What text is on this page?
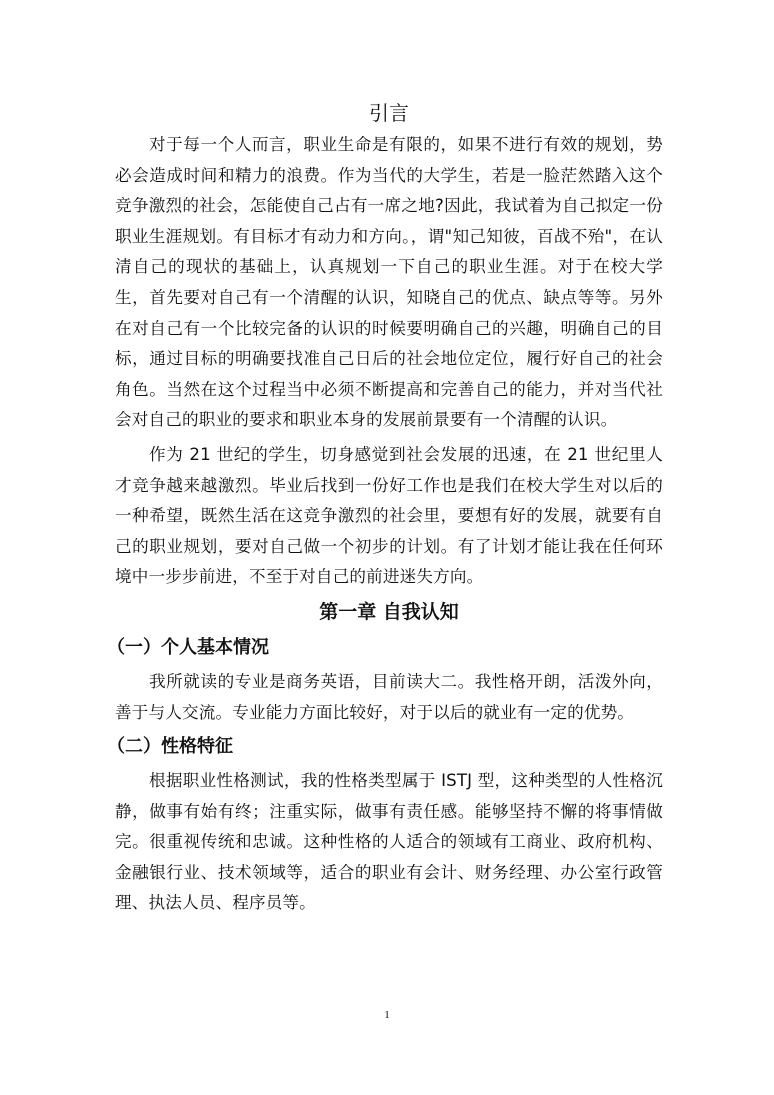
引言

对于每一个人而言，职业生命是有限的，如果不进行有效的规划，势必会造成时间和精力的浪费。作为当代的大学生，若是一脸茫然踏入这个竞争激烈的社会，怎能使自己占有一席之地?因此，我试着为自己拟定一份职业生涯规划。有目标才有动力和方向。，谓"知己知彼，百战不殆"，在认清自己的现状的基础上，认真规划一下自己的职业生涯。对于在校大学生，首先要对自己有一个清醒的认识，知晓自己的优点、缺点等等。另外在对自己有一个比较完备的认识的时候要明确自己的兴趣，明确自己的目标，通过目标的明确要找准自己日后的社会地位定位，履行好自己的社会角色。当然在这个过程当中必须不断提高和完善自己的能力，并对当代社会对自己的职业的要求和职业本身的发展前景要有一个清醒的认识。

作为 21 世纪的学生，切身感觉到社会发展的迅速，在 21 世纪里人才竞争越来越激烈。毕业后找到一份好工作也是我们在校大学生对以后的一种希望，既然生活在这竞争激烈的社会里，要想有好的发展，就要有自己的职业规划，要对自己做一个初步的计划。有了计划才能让我在任何环境中一步步前进，不至于对自己的前进迷失方向。

第一章 自我认知
（一）个人基本情况

我所就读的专业是商务英语，目前读大二。我性格开朗，活泼外向，善于与人交流。专业能力方面比较好，对于以后的就业有一定的优势。

（二）性格特征

根据职业性格测试，我的性格类型属于 ISTJ 型，这种类型的人性格沉静，做事有始有终；注重实际，做事有责任感。能够坚持不懈的将事情做完。很重视传统和忠诚。这种性格的人适合的领域有工商业、政府机构、金融银行业、技术领域等，适合的职业有会计、财务经理、办公室行政管理、执法人员、程序员等。

1
